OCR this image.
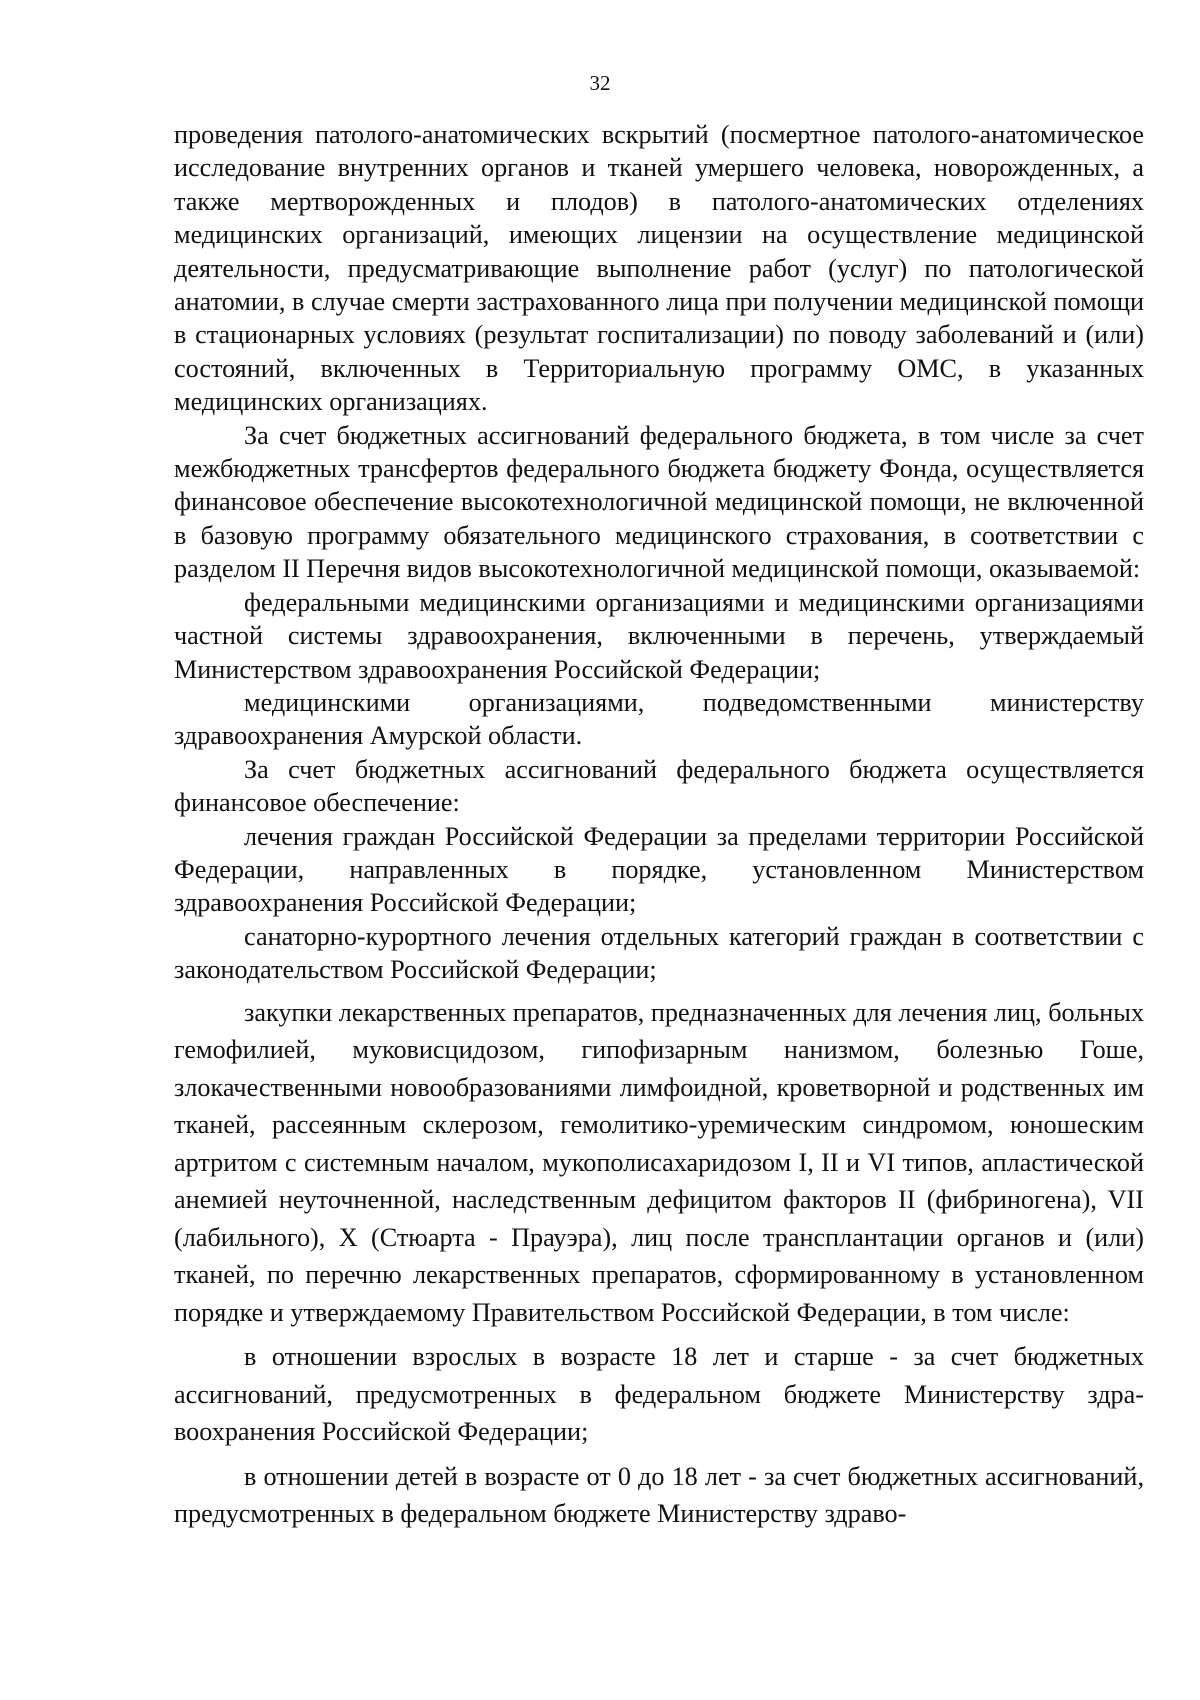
32

проведения патолого-анатомических вскрытий (посмертное патолого-анатомическое исследование внутренних органов и тканей умершего человека, новорожденных, а также мертворожденных и плодов) в патолого-анатомических отделениях медицинских организаций, имеющих лицензии на осуществление медицинской деятельности, предусматривающие выполнение работ (услуг) по патологической анатомии, в случае смерти застрахованного лица при получении медицинской помощи в стационарных условиях (результат госпитализации) по поводу заболеваний и (или) состояний, включенных в Территориальную программу ОМС, в указанных медицинских организациях.

За счет бюджетных ассигнований федерального бюджета, в том числе за счет межбюджетных трансфертов федерального бюджета бюджету Фонда, осуществляется финансовое обеспечение высокотехнологичной медицинской помощи, не включенной в базовую программу обязательного медицинского страхования, в соответствии с разделом II Перечня видов высокотехнологичной медицинской помощи, оказываемой:

федеральными медицинскими организациями и медицинскими организациями частной системы здравоохранения, включенными в перечень, утверждаемый Министерством здравоохранения Российской Федерации;

медицинскими организациями, подведомственными министерству здравоохранения Амурской области.

За счет бюджетных ассигнований федерального бюджета осуществляется финансовое обеспечение:

лечения граждан Российской Федерации за пределами территории Российской Федерации, направленных в порядке, установленном Министерством здравоохранения Российской Федерации;

санаторно-курортного лечения отдельных категорий граждан в соответствии с законодательством Российской Федерации;

закупки лекарственных препаратов, предназначенных для лечения лиц, больных гемофилией, муковисцидозом, гипофизарным нанизмом, болезнью Гоше, злокачественными новообразованиями лимфоидной, кроветворной и родственных им тканей, рассеянным склерозом, гемолитико-уремическим синдромом, юношеским артритом с системным началом, мукополисахаридозом I, II и VI типов, апластической анемией неуточненной, наследственным дефицитом факторов II (фибриногена), VII (лабильного), X (Стюарта - Прауэра), лиц после трансплантации органов и (или) тканей, по перечню лекарственных препаратов, сформированному в установленном порядке и утверждаемому Правительством Российской Федерации, в том числе:

в отношении взрослых в возрасте 18 лет и старше - за счет бюджетных ассигнований, предусмотренных в федеральном бюджете Министерству здравоохранения Российской Федерации;

в отношении детей в возрасте от 0 до 18 лет - за счет бюджетных ассигнований, предусмотренных в федеральном бюджете Министерству здраво-
